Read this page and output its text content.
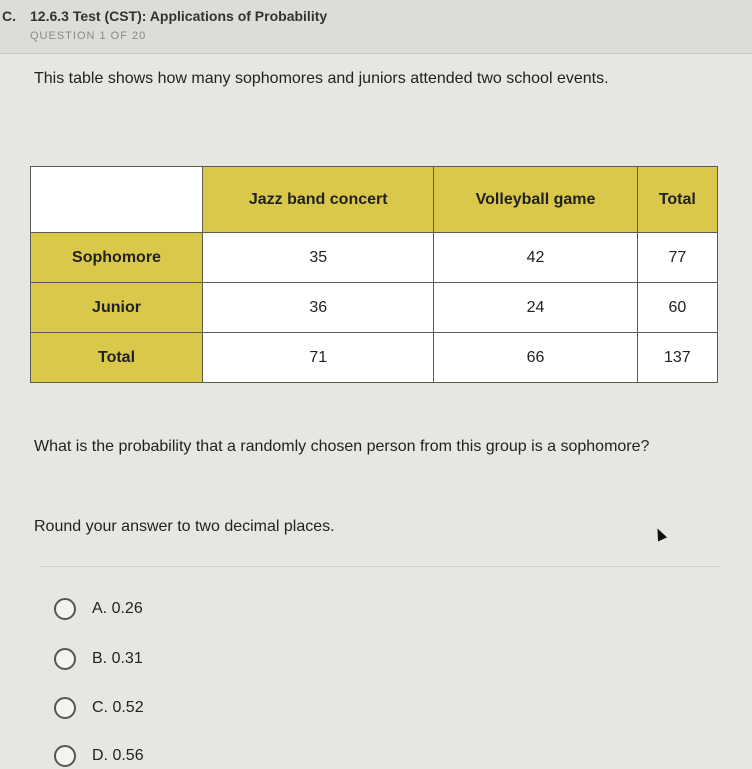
C. 12.6.3 Test (CST): Applications of Probability
QUESTION 1 OF 20
This table shows how many sophomores and juniors attended two school events.
	Jazz band concert	Volleyball game	Total
Sophomore	35	42	77
Junior	36	24	60
Total	71	66	137
What is the probability that a randomly chosen person from this group is a sophomore?
Round your answer to two decimal places.
A. 0.26
B. 0.31
C. 0.52
D. 0.56
